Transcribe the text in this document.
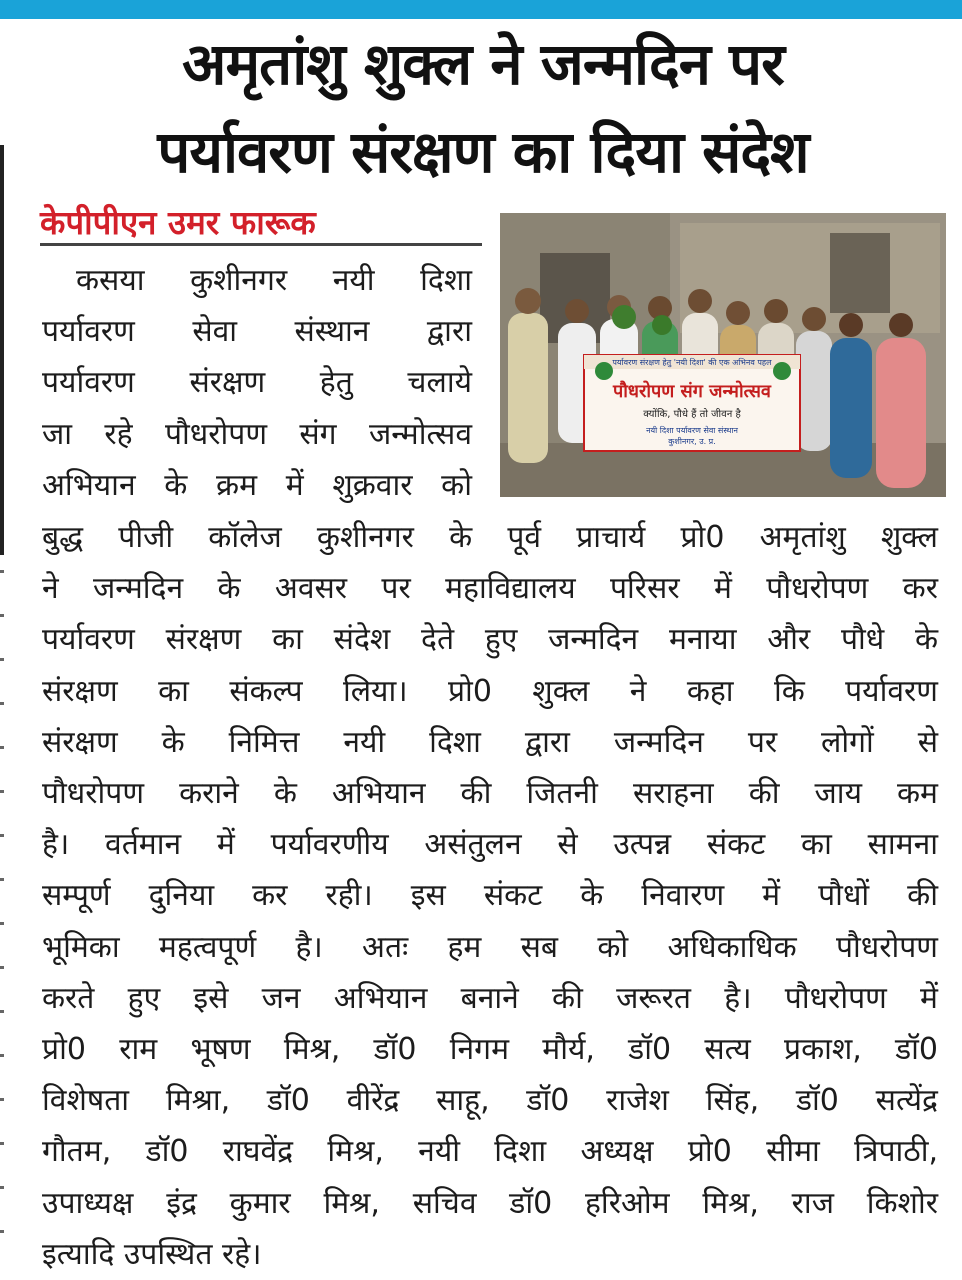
अमृतांशु शुक्ल ने जन्मदिन पर
पर्यावरण संरक्षण का दिया संदेश
केपीपीएन उमर फारूक
कसया कुशीनगर नयी दिशा
पर्यावरण सेवा संस्थान द्वारा
पर्यावरण संरक्षण हेतु चलाये
जा रहे पौधरोपण संग जन्मोत्सव
अभियान के क्रम में शुक्रवार को
पर्यावरण संरक्षण हेतु 'नयी दिशा' की एक अभिनव पहल
पौधरोपण संग जन्मोत्सव
क्योंकि, पौधे हैं तो जीवन है
नयी दिशा पर्यावरण सेवा संस्थान
कुशीनगर, उ. प्र.
बुद्ध पीजी कॉलेज कुशीनगर के पूर्व प्राचार्य प्रो0 अमृतांशु शुक्ल
ने जन्मदिन के अवसर पर महाविद्यालय परिसर में पौधरोपण कर
पर्यावरण संरक्षण का संदेश देते हुए जन्मदिन मनाया और पौधे के
संरक्षण का संकल्प लिया। प्रो0 शुक्ल ने कहा कि पर्यावरण
संरक्षण के निमित्त नयी दिशा द्वारा जन्मदिन पर लोगों से
पौधरोपण कराने के अभियान की जितनी सराहना की जाय कम
है। वर्तमान में पर्यावरणीय असंतुलन से उत्पन्न संकट का सामना
सम्पूर्ण दुनिया कर रही। इस संकट के निवारण में पौधों की
भूमिका महत्वपूर्ण है। अतः हम सब को अधिकाधिक पौधरोपण
करते हुए इसे जन अभियान बनाने की जरूरत है। पौधरोपण में
प्रो0 राम भूषण मिश्र, डॉ0 निगम मौर्य, डॉ0 सत्य प्रकाश, डॉ0
विशेषता मिश्रा, डॉ0 वीरेंद्र साहू, डॉ0 राजेश सिंह, डॉ0 सत्येंद्र
गौतम, डॉ0 राघवेंद्र मिश्र, नयी दिशा अध्यक्ष प्रो0 सीमा त्रिपाठी,
उपाध्यक्ष इंद्र कुमार मिश्र, सचिव डॉ0 हरिओम मिश्र, राज किशोर
इत्यादि उपस्थित रहे।
